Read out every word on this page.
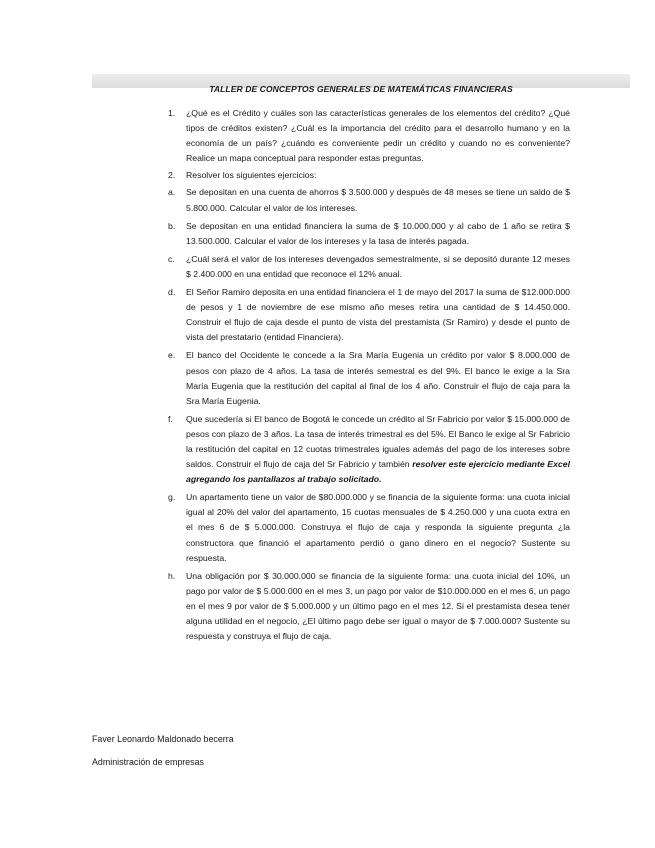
TALLER DE CONCEPTOS GENERALES DE MATEMÁTICAS FINANCIERAS
1. ¿Qué es el Crédito y cuáles son las características generales de los elementos del crédito? ¿Qué tipos de créditos existen? ¿Cuál es la importancia del crédito para el desarrollo humano y en la economía de un país? ¿cuándo es conveniente pedir un crédito y cuando no es conveniente? Realice un mapa conceptual para responder estas preguntas.
2. Resolver los siguientes ejercicios:
a. Se depositan en una cuenta de ahorros $ 3.500.000 y después de 48 meses se tiene un saldo de $ 5.800.000. Calcular el valor de los intereses.
b. Se depositan en una entidad financiera la suma de $ 10.000.000 y al cabo de 1 año se retira $ 13.500.000. Calcular el valor de los intereses y la tasa de interés pagada.
c. ¿Cuál será el valor de los intereses devengados semestralmente, si se depositó durante 12 meses $ 2.400.000 en una entidad que reconoce el 12% anual.
d. El Señor Ramiro deposita en una entidad financiera el 1 de mayo del 2017 la suma de $12.000.000 de pesos y 1 de noviembre de ese mismo año meses retira una cantidad de $ 14.450.000. Construir el flujo de caja desde el punto de vista del prestamista (Sr Ramiro) y desde el punto de vista del prestatario (entidad Financiera).
e. El banco del Occidente le concede a la Sra María Eugenia un crédito por valor $ 8.000.000 de pesos con plazo de 4 años. La tasa de interés semestral es del 9%. El banco le exige a la Sra María Eugenia que la restitución del capital al final de los 4 año. Construir el flujo de caja para la Sra María Eugenia.
f. Que sucedería si El banco de Bogotá le concede un crédito al Sr Fabricio por valor $ 15.000.000 de pesos con plazo de 3 años. La tasa de interés trimestral es del 5%. El Banco le exige al Sr Fabricio la restitución del capital en 12 cuotas trimestrales iguales además del pago de los intereses sobre saldos. Construir el flujo de caja del Sr Fabricio y también resolver este ejercicio mediante Excel agregando los pantallazos al trabajo solicitado.
g. Un apartamento tiene un valor de $80.000.000 y se financia de la siguiente forma: una cuota inicial igual al 20% del valor del apartamento, 15 cuotas mensuales de $ 4.250.000 y una cuota extra en el mes 6 de $ 5.000.000. Construya el flujo de caja y responda la siguiente pregunta ¿la constructora que financió el apartamento perdió o gano dinero en el negocio? Sustente su respuesta.
h. Una obligación por $ 30.000.000 se financia de la siguiente forma: una cuota inicial del 10%, un pago por valor de $ 5.000.000 en el mes 3, un pago por valor de $10.000.000 en el mes 6, un pago en el mes 9 por valor de $ 5.000.000 y un último pago en el mes 12. Si el prestamista desea tener alguna utilidad en el negocio, ¿El último pago debe ser igual o mayor de $ 7.000.000? Sustente su respuesta y construya el flujo de caja.
Faver Leonardo Maldonado becerra
Administración de empresas
